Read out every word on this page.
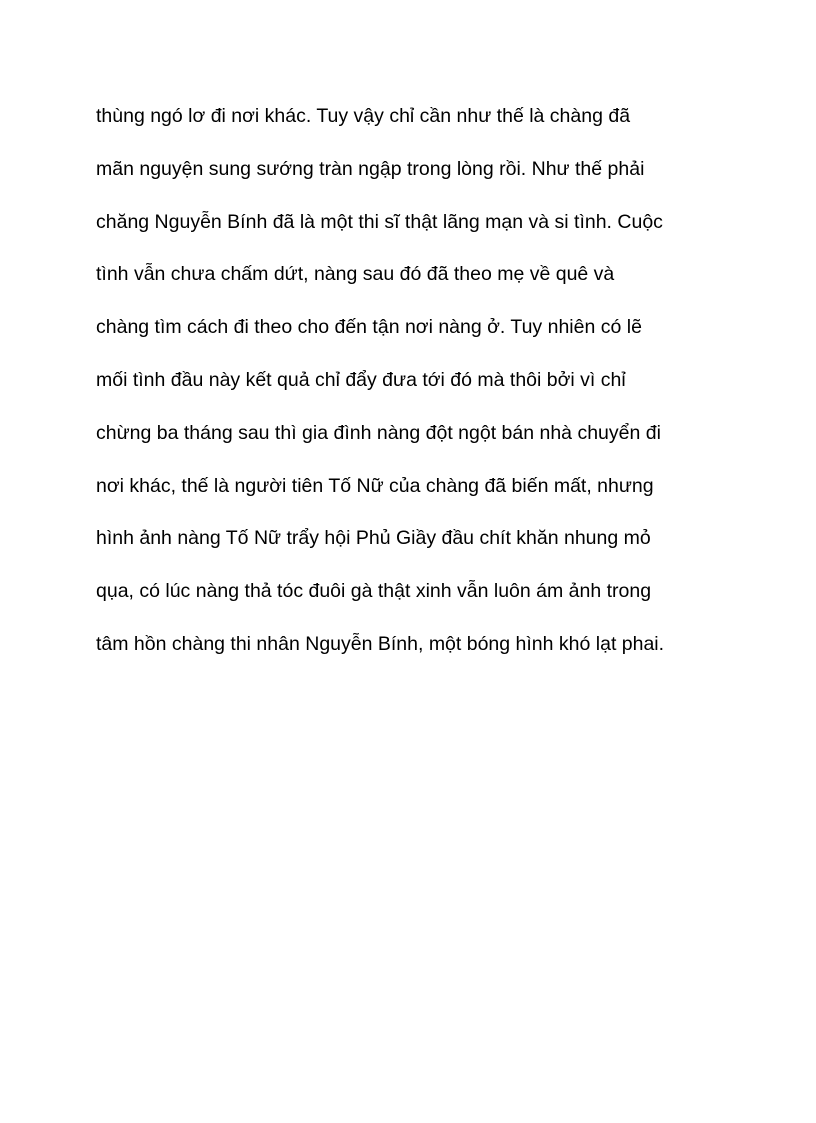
thùng ngó lơ đi nơi khác. Tuy vậy chỉ cần như thế là chàng đã

mãn nguyện sung sướng tràn ngập trong lòng rồi. Như thế phải

chăng Nguyễn Bính đã là một thi sĩ thật lãng mạn và si tình. Cuộc

tình vẫn chưa chấm dứt, nàng sau đó đã theo mẹ về quê và

chàng tìm cách đi theo cho đến tận nơi nàng ở. Tuy nhiên có lẽ

mối tình đầu này kết quả chỉ đẩy đưa tới đó mà thôi bởi vì chỉ

chừng ba tháng sau thì gia đình nàng đột ngột bán nhà chuyển đi

nơi khác, thế là người tiên Tố Nữ của chàng đã biến mất, nhưng

hình ảnh nàng Tố Nữ trẩy hội Phủ Giầy đầu chít khăn nhung mỏ

qụa, có lúc nàng thả tóc đuôi gà thật xinh vẫn luôn ám ảnh trong

tâm hồn chàng thi nhân Nguyễn Bính, một bóng hình khó lạt phai.
